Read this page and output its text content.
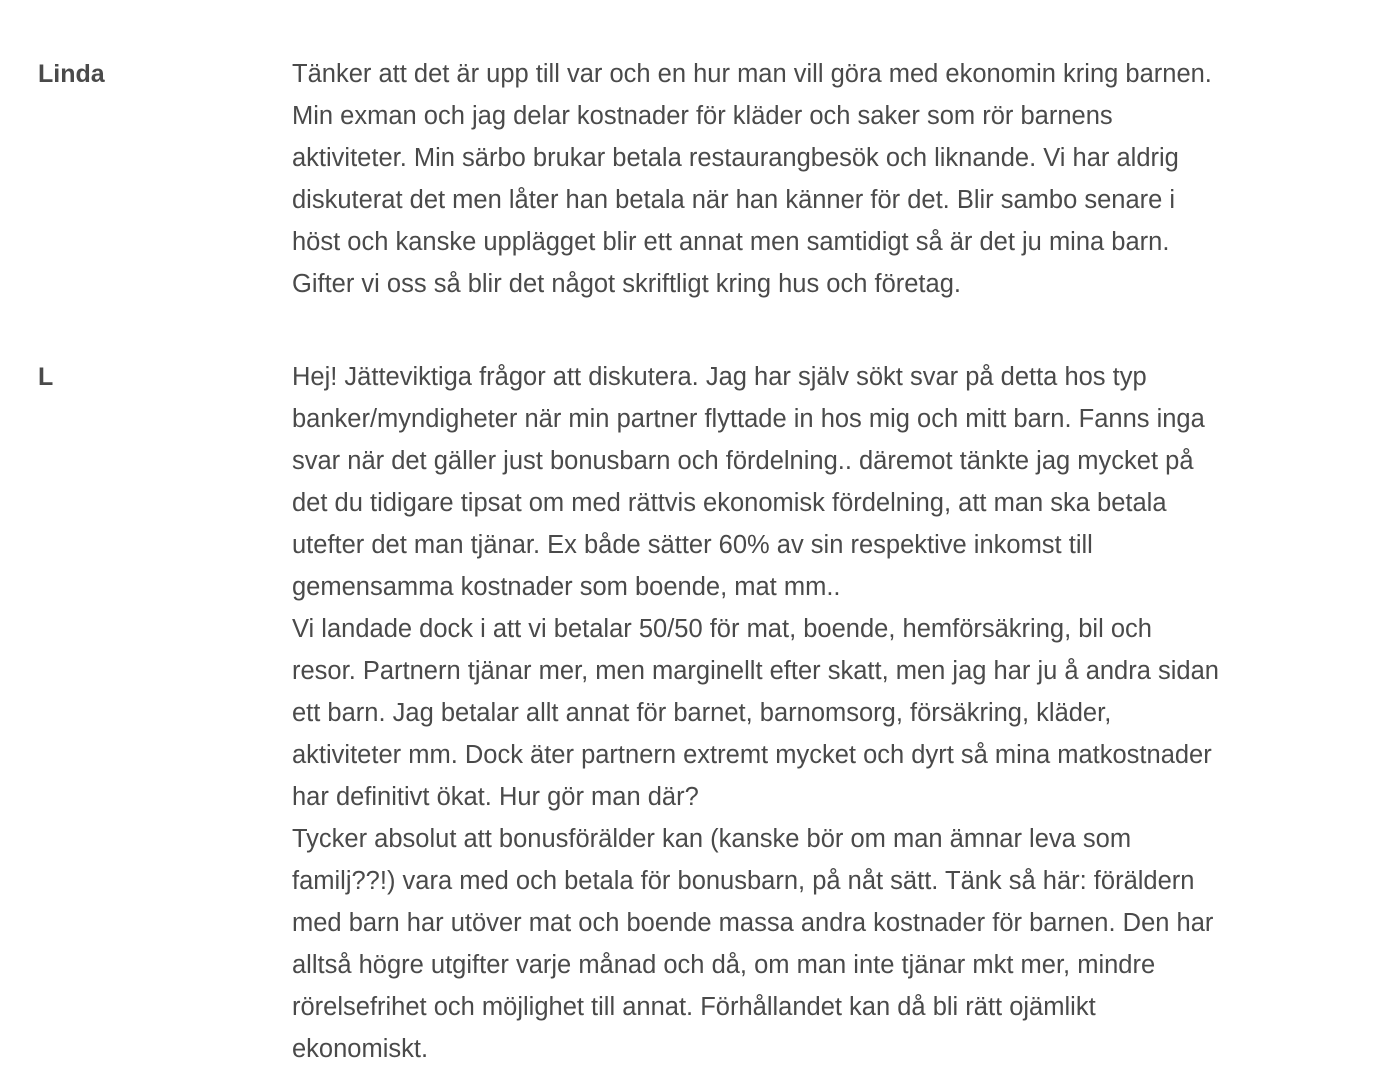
Linda	Tänker att det är upp till var och en hur man vill göra med ekonomin kring barnen.
Min exman och jag delar kostnader för kläder och saker som rör barnens
aktiviteter. Min särbo brukar betala restaurangbesök och liknande. Vi har aldrig
diskuterat det men låter han betala när han känner för det. Blir sambo senare i
höst och kanske upplägget blir ett annat men samtidigt så är det ju mina barn.
Gifter vi oss så blir det något skriftligt kring hus och företag.

L	Hej! Jätteviktiga frågor att diskutera. Jag har själv sökt svar på detta hos typ
banker/myndigheter när min partner flyttade in hos mig och mitt barn. Fanns inga
svar när det gäller just bonusbarn och fördelning.. däremot tänkte jag mycket på
det du tidigare tipsat om med rättvis ekonomisk fördelning, att man ska betala
utefter det man tjänar. Ex både sätter 60% av sin respektive inkomst till
gemensamma kostnader som boende, mat mm..

Vi landade dock i att vi betalar 50/50 för mat, boende, hemförsäkring, bil och
resor. Partnern tjänar mer, men marginellt efter skatt, men jag har ju å andra sidan
ett barn. Jag betalar allt annat för barnet, barnomsorg, försäkring, kläder,
aktiviteter mm. Dock äter partnern extremt mycket och dyrt så mina matkostnader
har definitivt ökat. Hur gör man där?

Tycker absolut att bonusförälder kan (kanske bör om man ämnar leva som
familj??!) vara med och betala för bonusbarn, på nåt sätt. Tänk så här: föräldern
med barn har utöver mat och boende massa andra kostnader för barnen. Den har
alltså högre utgifter varje månad och då, om man inte tjänar mkt mer, mindre
rörelsefrihet och möjlighet till annat. Förhållandet kan då bli rätt ojämlikt
ekonomiskt.
